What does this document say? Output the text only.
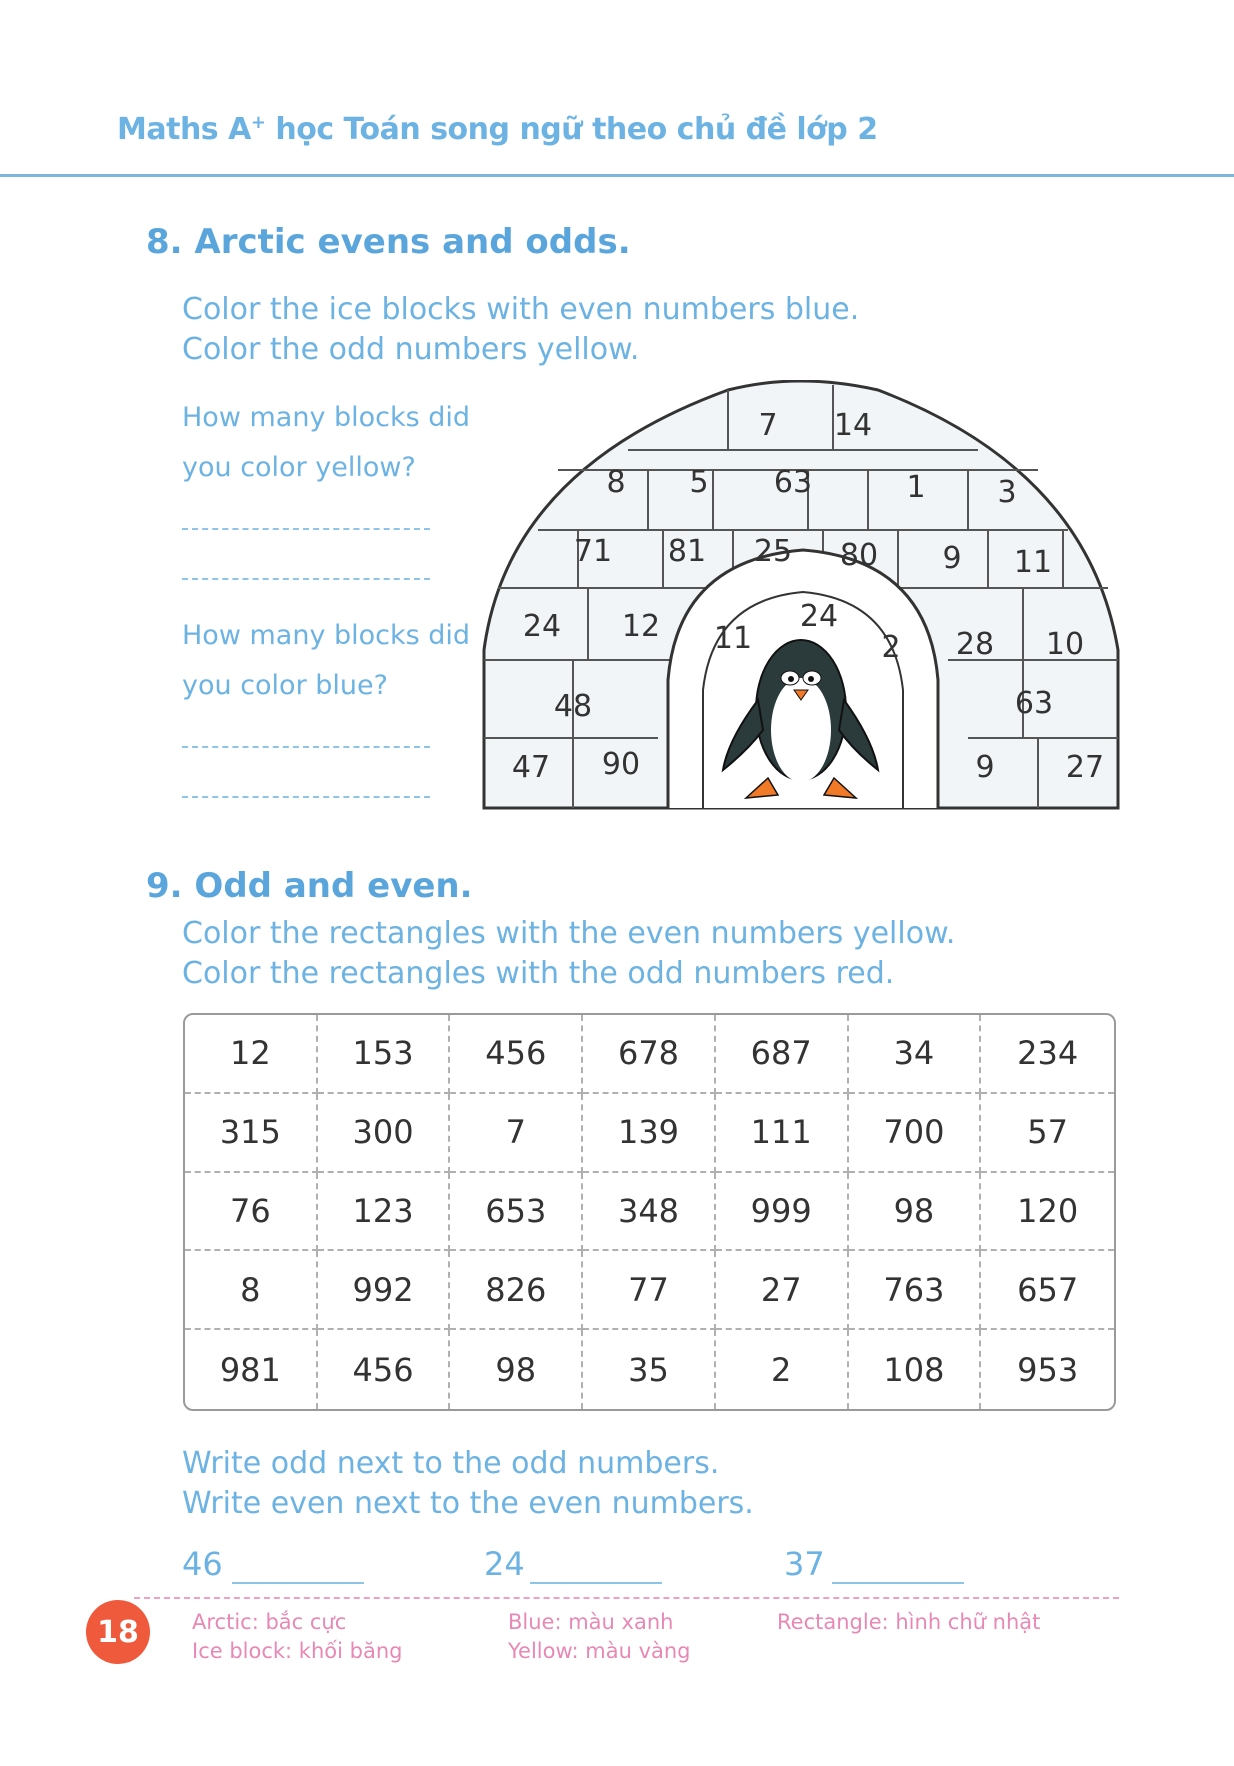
Maths A+ học Toán song ngữ theo chủ đề lớp 2
8. Arctic evens and odds.
Color the ice blocks with even numbers blue.
Color the odd numbers yellow.
How many blocks did
you color yellow?
How many blocks did
you color blue?
7 14
8 5 63	1 3
71 81 25 80 9 11
24 12 11
24
2 28 10
48	63
47 90	9 27
9. Odd and even.
Color the rectangles with the even numbers yellow.
Color the rectangles with the odd numbers red.
12	153	456	678	687	34	234
315	300	7	139	111	700	57
76	123	653	348	999	98	120
8	992	826	77	27	763	657
981	456	98	35	2	108	953
Write odd next to the odd numbers.
Write even next to the even numbers.
46	24	37
18	Arctic: bắc cực
Ice block: khối băng
Blue: màu xanh
Yellow: màu vàng
Rectangle: hình chữ nhật
